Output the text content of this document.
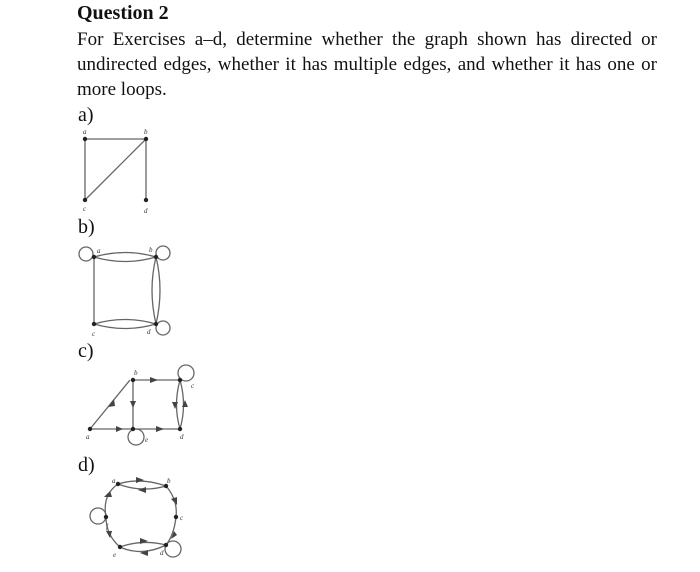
Question 2
For Exercises a–d, determine whether the graph shown has directed or undirected edges, whether it has multiple edges, and whether it has one or more loops.
a)
a	b
c	d
b)
a	b
c	d
c)
a
b
c
d
e
d)
a	b
c
d
e
f
